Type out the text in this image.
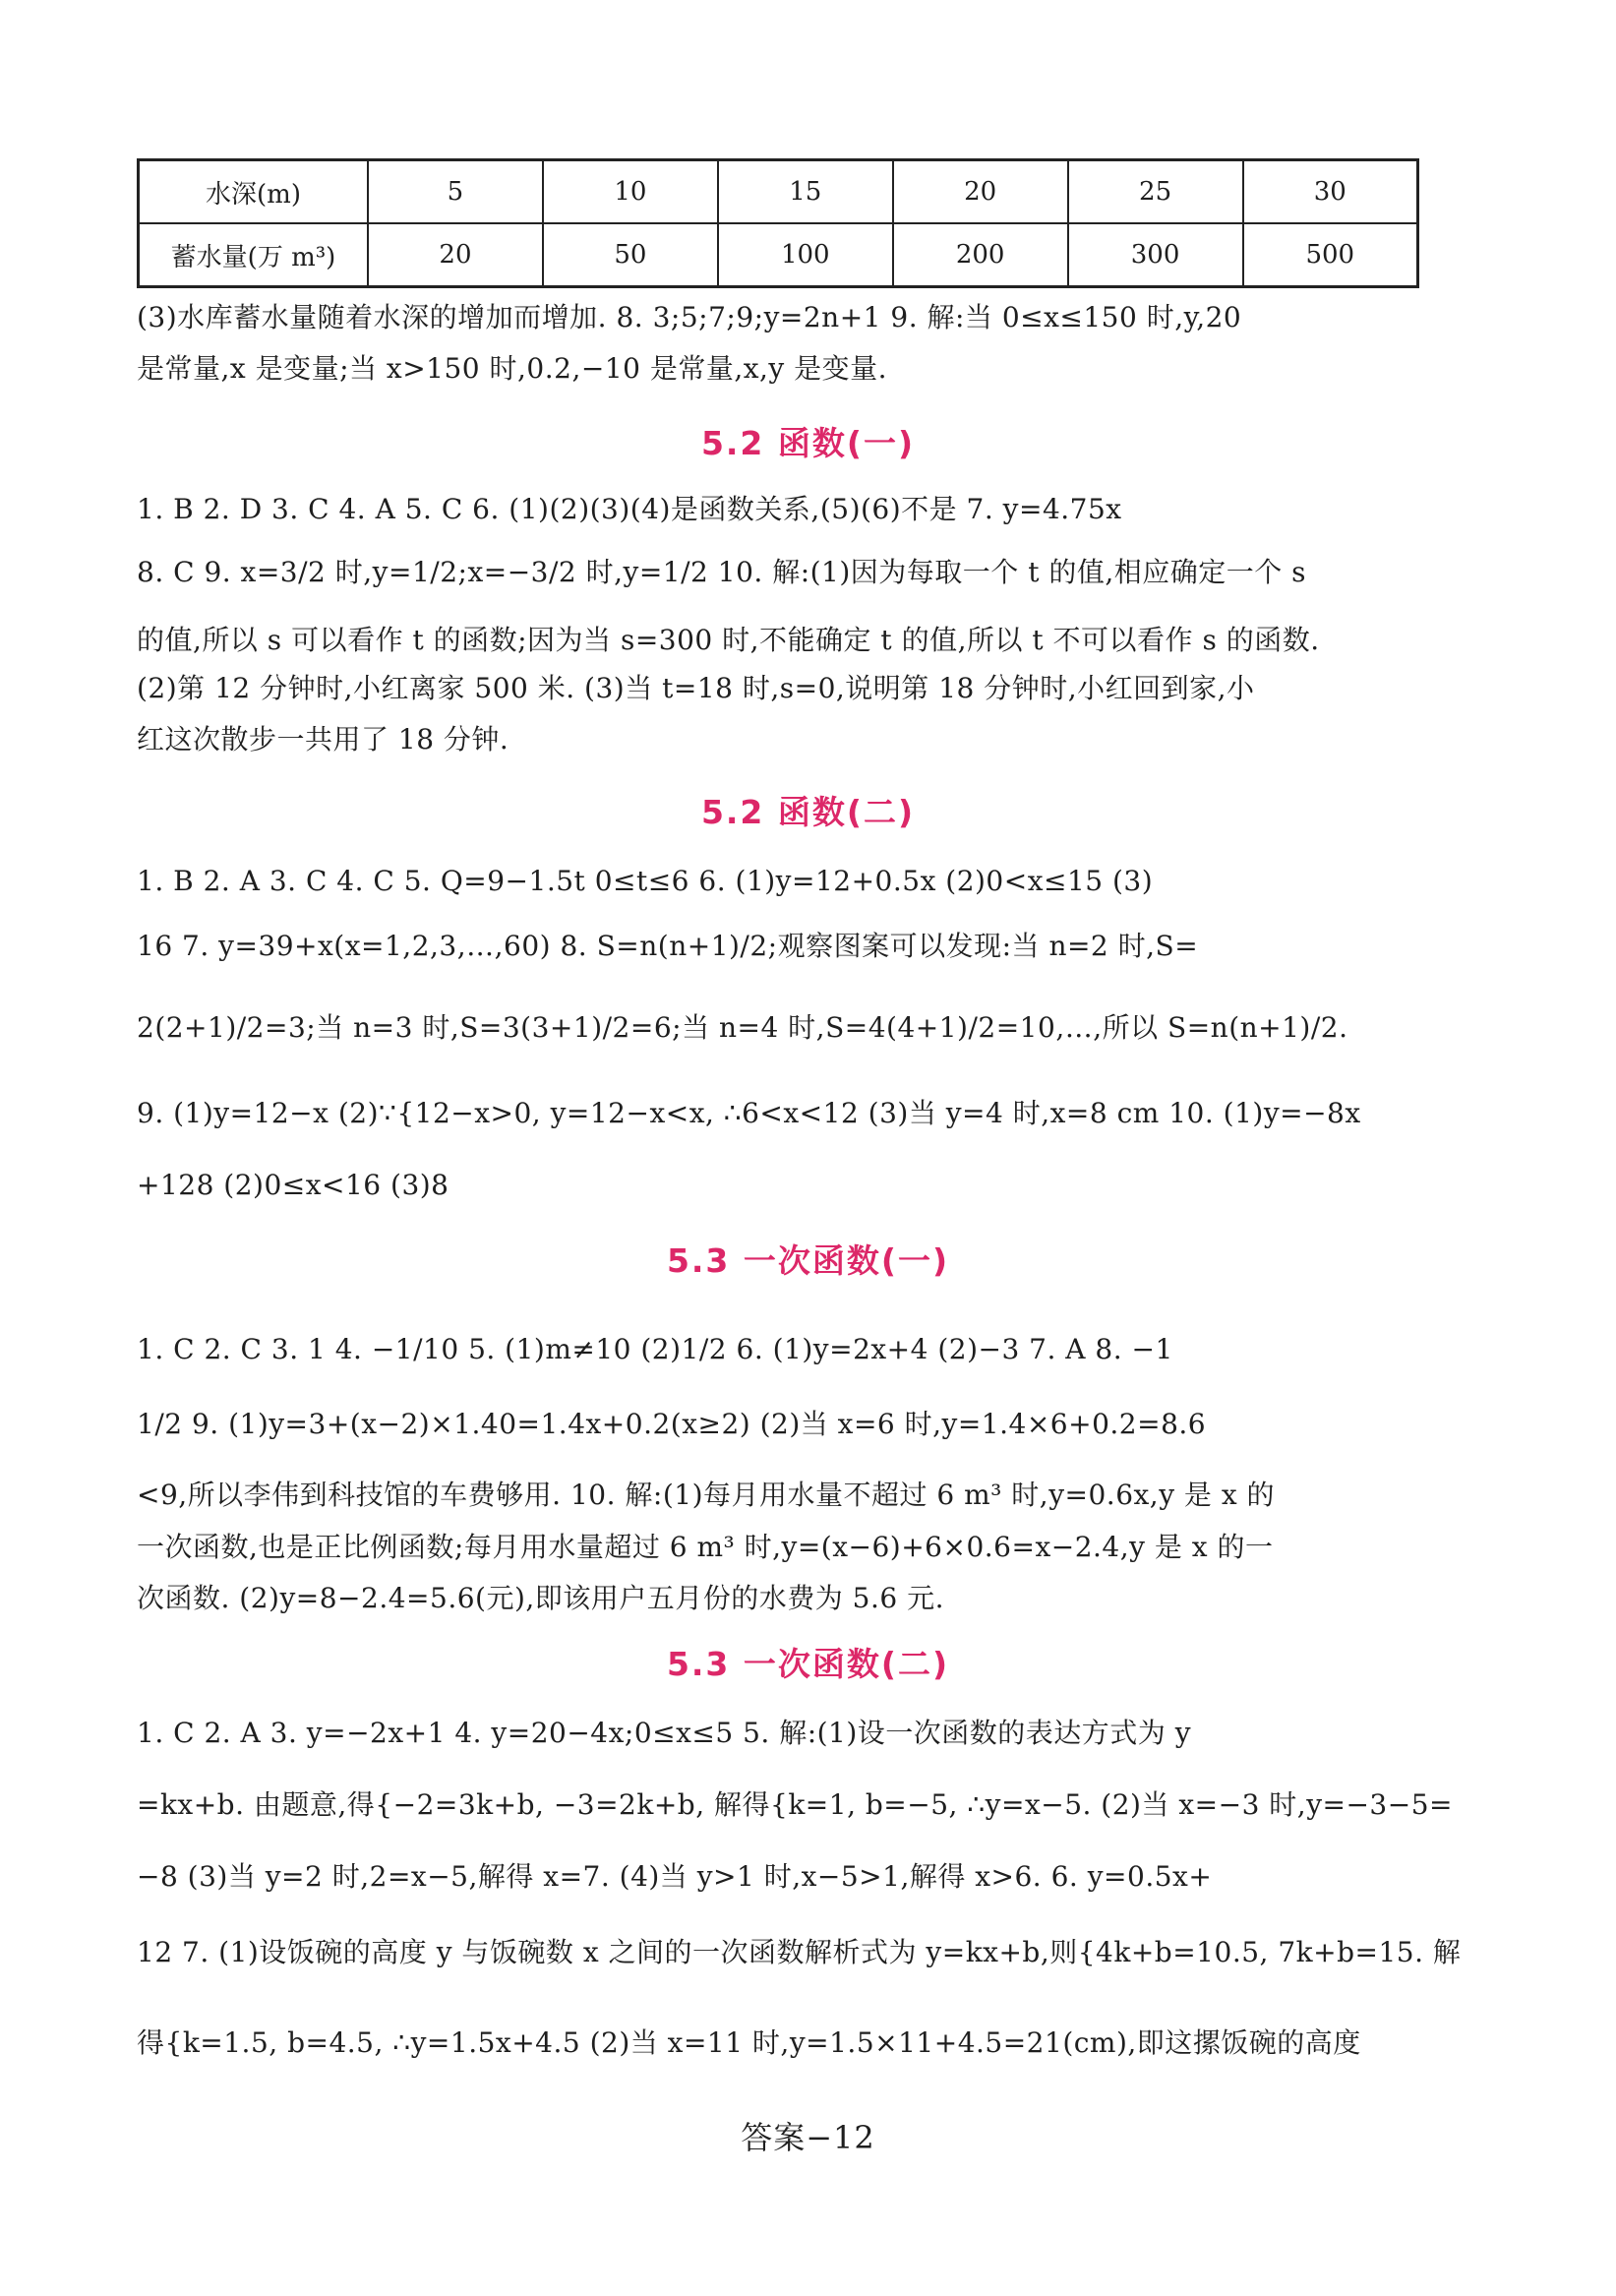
水深(m)	5	10	15	20	25	30
蓄水量(万 m³)	20	50	100	200	300	500
(3)水库蓄水量随着水深的增加而增加. 8. 3;5;7;9;y=2n+1 9. 解:当 0≤x≤150 时,y,20
是常量,x 是变量;当 x>150 时,0.2,−10 是常量,x,y 是变量.
5.2 函数(一)
1. B 2. D 3. C 4. A 5. C 6. (1)(2)(3)(4)是函数关系,(5)(6)不是 7. y=4.75x
8. C 9. x=3/2 时,y=1/2;x=−3/2 时,y=1/2 10. 解:(1)因为每取一个 t 的值,相应确定一个 s
的值,所以 s 可以看作 t 的函数;因为当 s=300 时,不能确定 t 的值,所以 t 不可以看作 s 的函数.
(2)第 12 分钟时,小红离家 500 米. (3)当 t=18 时,s=0,说明第 18 分钟时,小红回到家,小
红这次散步一共用了 18 分钟.
5.2 函数(二)
1. B 2. A 3. C 4. C 5. Q=9−1.5t 0≤t≤6 6. (1)y=12+0.5x (2)0<x≤15 (3)
16 7. y=39+x(x=1,2,3,…,60) 8. S=n(n+1)/2;观察图案可以发现:当 n=2 时,S=
2(2+1)/2=3;当 n=3 时,S=3(3+1)/2=6;当 n=4 时,S=4(4+1)/2=10,…,所以 S=n(n+1)/2.
9. (1)y=12−x (2)∵{12−x>0, y=12−x<x, ∴6<x<12 (3)当 y=4 时,x=8 cm 10. (1)y=−8x
+128 (2)0≤x<16 (3)8
5.3 一次函数(一)
1. C 2. C 3. 1 4. −1/10 5. (1)m≠10 (2)1/2 6. (1)y=2x+4 (2)−3 7. A 8. −1
1/2 9. (1)y=3+(x−2)×1.40=1.4x+0.2(x≥2) (2)当 x=6 时,y=1.4×6+0.2=8.6
<9,所以李伟到科技馆的车费够用. 10. 解:(1)每月用水量不超过 6 m³ 时,y=0.6x,y 是 x 的
一次函数,也是正比例函数;每月用水量超过 6 m³ 时,y=(x−6)+6×0.6=x−2.4,y 是 x 的一
次函数. (2)y=8−2.4=5.6(元),即该用户五月份的水费为 5.6 元.
5.3 一次函数(二)
1. C 2. A 3. y=−2x+1 4. y=20−4x;0≤x≤5 5. 解:(1)设一次函数的表达方式为 y
=kx+b. 由题意,得{−2=3k+b, −3=2k+b, 解得{k=1, b=−5, ∴y=x−5. (2)当 x=−3 时,y=−3−5=
−8 (3)当 y=2 时,2=x−5,解得 x=7. (4)当 y>1 时,x−5>1,解得 x>6. 6. y=0.5x+
12 7. (1)设饭碗的高度 y 与饭碗数 x 之间的一次函数解析式为 y=kx+b,则{4k+b=10.5, 7k+b=15. 解
得{k=1.5, b=4.5, ∴y=1.5x+4.5 (2)当 x=11 时,y=1.5×11+4.5=21(cm),即这摞饭碗的高度
答案−12
